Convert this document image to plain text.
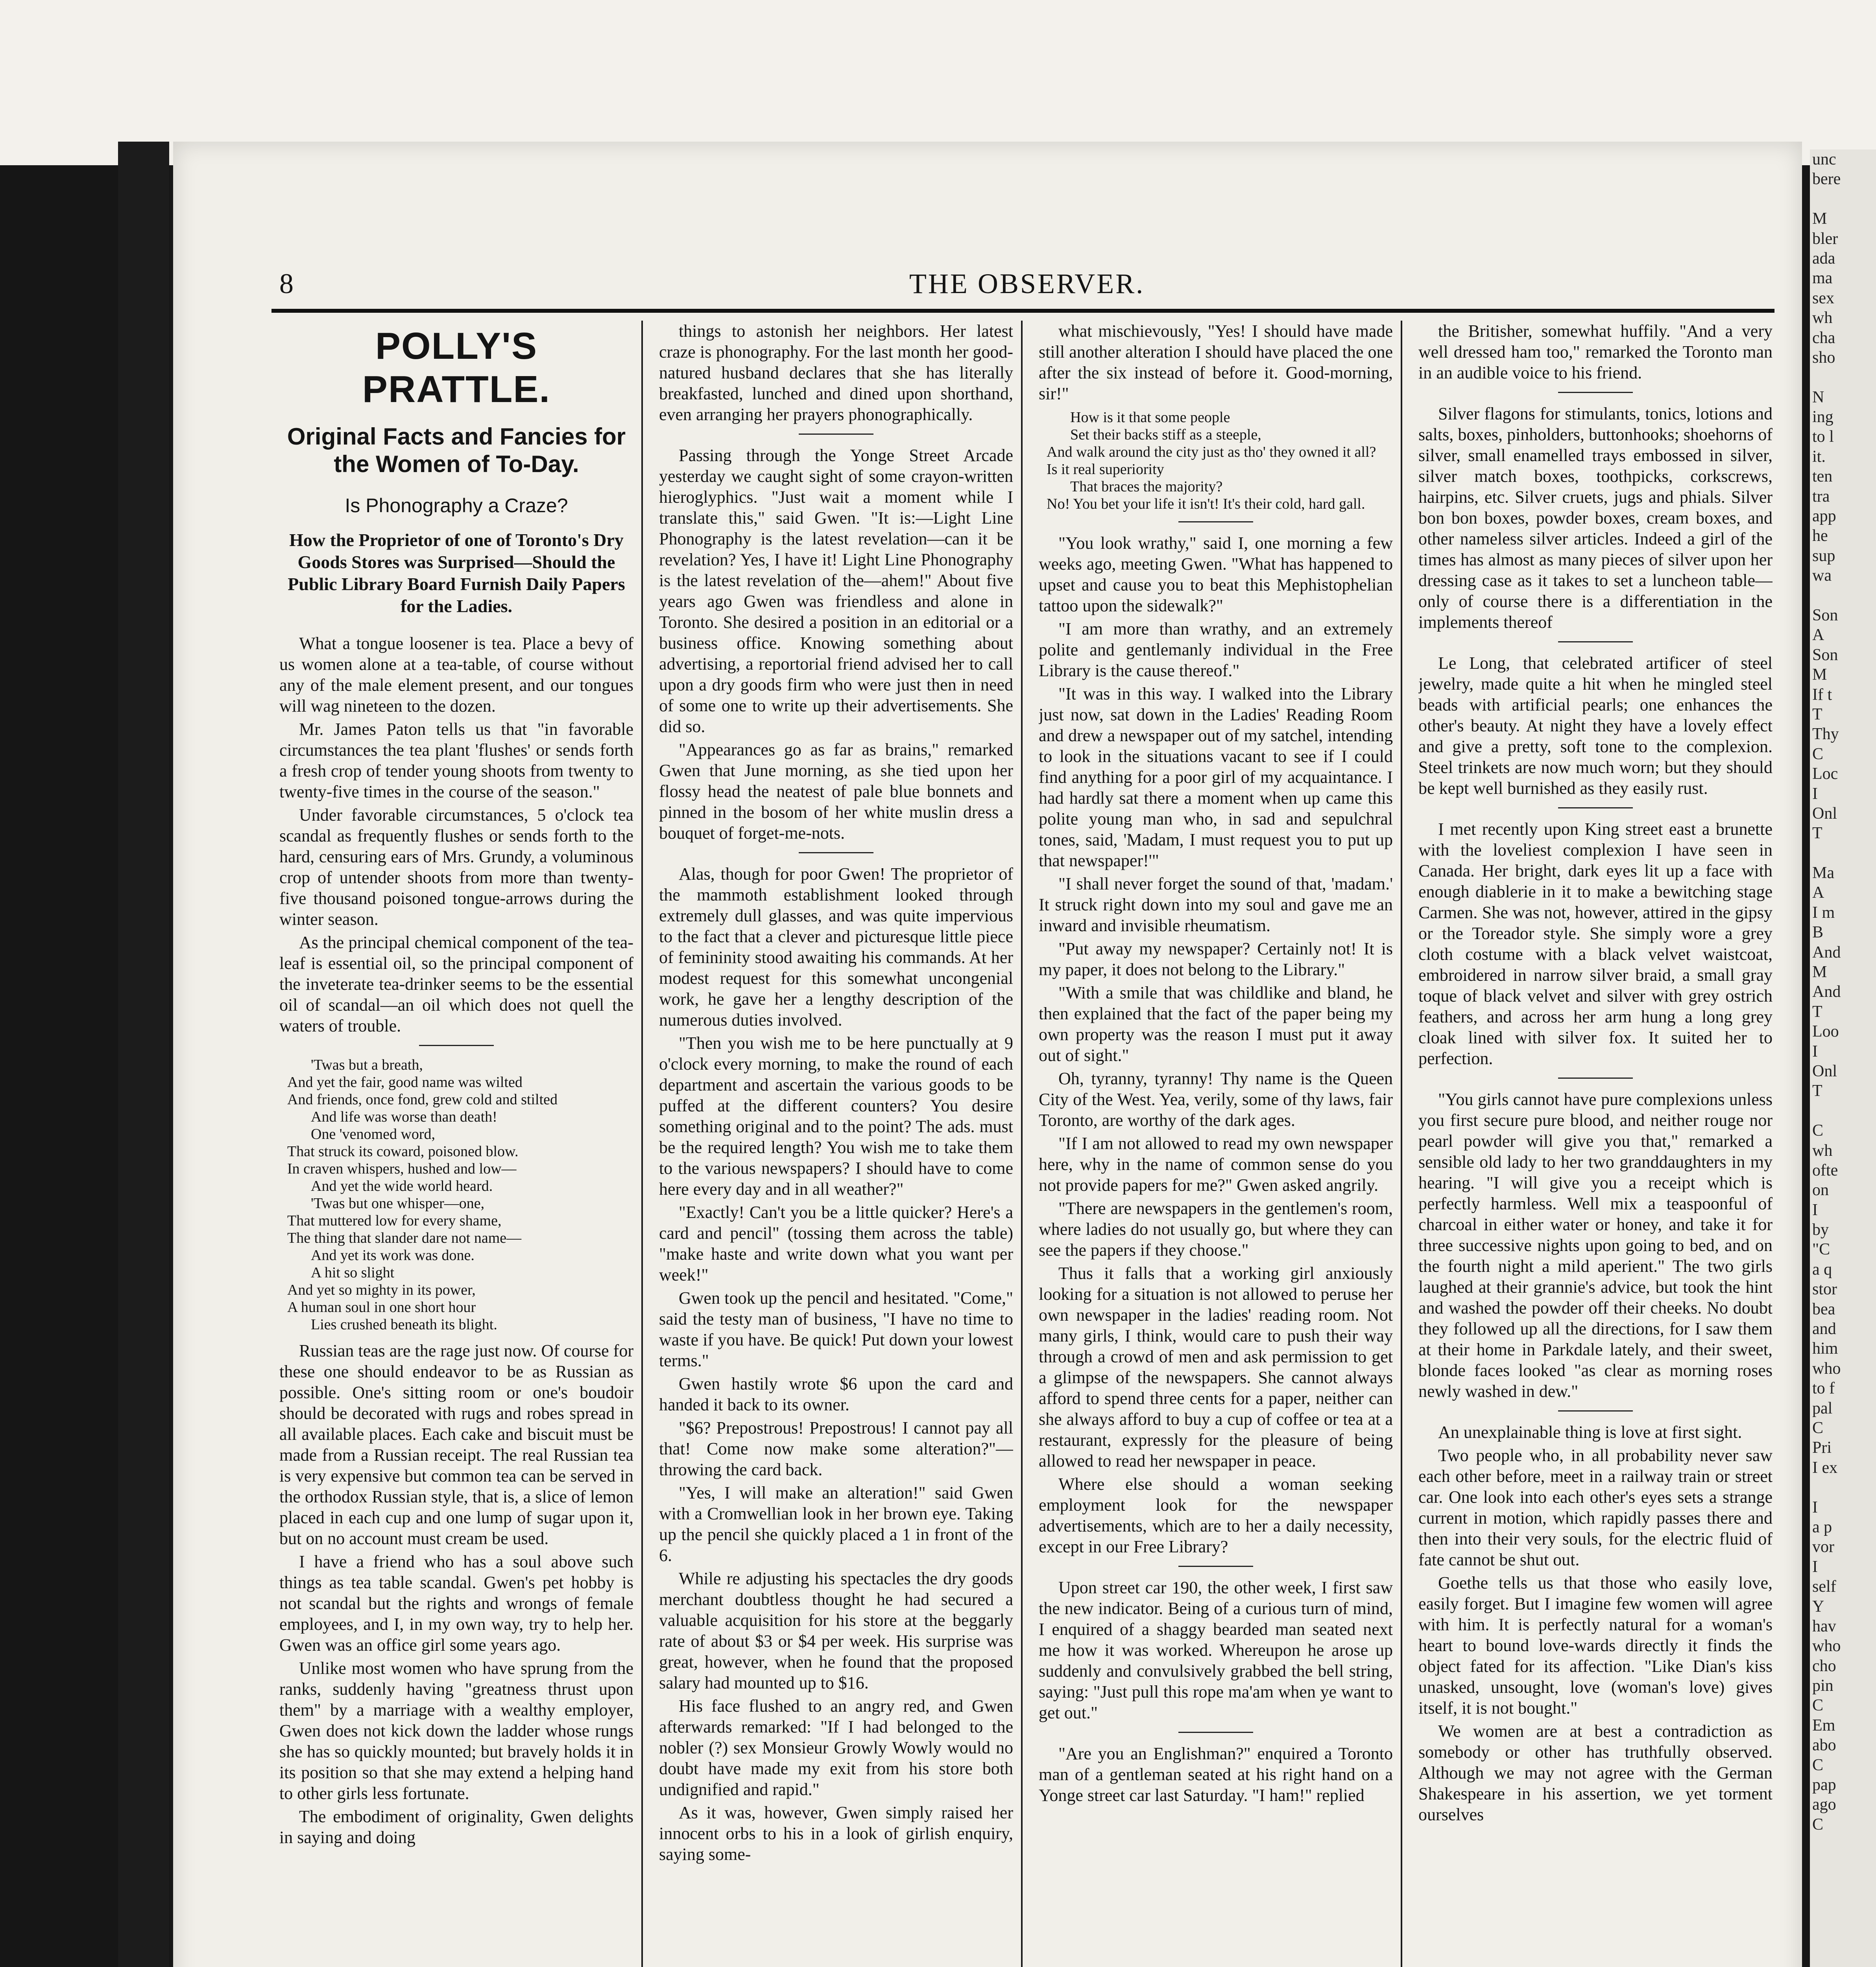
8	THE OBSERVER.
POLLY'S PRATTLE.
Original Facts and Fancies for the Women of To-Day.
Is Phonography a Craze?
How the Proprietor of one of Toronto's Dry Goods Stores was Surprised—Should the Public Library Board Furnish Daily Papers for the Ladies.

What a tongue loosener is tea. Place a bevy of us women alone at a tea-table, of course without any of the male element present, and our tongues will wag nineteen to the dozen.

Mr. James Paton tells us that "in favorable circumstances the tea plant 'flushes' or sends forth a fresh crop of tender young shoots from twenty to twenty-five times in the course of the season."

Under favorable circumstances, 5 o'clock tea scandal as frequently flushes or sends forth to the hard, censuring ears of Mrs. Grundy, a voluminous crop of untender shoots from more than twenty-five thousand poisoned tongue-arrows during the winter season.

As the principal chemical component of the tea-leaf is essential oil, so the principal component of the inveterate tea-drinker seems to be the essential oil of scandal—an oil which does not quell the waters of trouble.

'Twas but a breath,
And yet the fair, good name was wilted
And friends, once fond, grew cold and stilted
And life was worse than death!
One 'venomed word,
That struck its coward, poisoned blow.
In craven whispers, hushed and low—
And yet the wide world heard.
'Twas but one whisper—one,
That muttered low for every shame,
The thing that slander dare not name—
And yet its work was done.
A hit so slight
And yet so mighty in its power,
A human soul in one short hour
Lies crushed beneath its blight.

Russian teas are the rage just now. Of course for these one should endeavor to be as Russian as possible. One's sitting room or one's boudoir should be decorated with rugs and robes spread in all available places. Each cake and biscuit must be made from a Russian receipt. The real Russian tea is very expensive but common tea can be served in the orthodox Russian style, that is, a slice of lemon placed in each cup and one lump of sugar upon it, but on no account must cream be used.

I have a friend who has a soul above such things as tea table scandal. Gwen's pet hobby is not scandal but the rights and wrongs of female employees, and I, in my own way, try to help her. Gwen was an office girl some years ago.

Unlike most women who have sprung from the ranks, suddenly having "greatness thrust upon them" by a marriage with a wealthy employer, Gwen does not kick down the ladder whose rungs she has so quickly mounted; but bravely holds it in its position so that she may extend a helping hand to other girls less fortunate.

The embodiment of originality, Gwen delights in saying and doing

things to astonish her neighbors. Her latest craze is phonography. For the last month her good-natured husband declares that she has literally breakfasted, lunched and dined upon shorthand, even arranging her prayers phonographically.

Passing through the Yonge Street Arcade yesterday we caught sight of some crayon-written hieroglyphics. "Just wait a moment while I translate this," said Gwen. "It is:—Light Line Phonography is the latest revelation—can it be revelation? Yes, I have it! Light Line Phonography is the latest revelation of the—ahem!" About five years ago Gwen was friendless and alone in Toronto. She desired a position in an editorial or a business office. Knowing something about advertising, a reportorial friend advised her to call upon a dry goods firm who were just then in need of some one to write up their advertisements. She did so.

"Appearances go as far as brains," remarked Gwen that June morning, as she tied upon her flossy head the neatest of pale blue bonnets and pinned in the bosom of her white muslin dress a bouquet of forget-me-nots.

Alas, though for poor Gwen! The proprietor of the mammoth establishment looked through extremely dull glasses, and was quite impervious to the fact that a clever and picturesque little piece of femininity stood awaiting his commands. At her modest request for this somewhat uncongenial work, he gave her a lengthy description of the numerous duties involved.

"Then you wish me to be here punctually at 9 o'clock every morning, to make the round of each department and ascertain the various goods to be puffed at the different counters? You desire something original and to the point? The ads. must be the required length? You wish me to take them to the various newspapers? I should have to come here every day and in all weather?"

"Exactly! Can't you be a little quicker? Here's a card and pencil" (tossing them across the table) "make haste and write down what you want per week!"

Gwen took up the pencil and hesitated. "Come," said the testy man of business, "I have no time to waste if you have. Be quick! Put down your lowest terms."

Gwen hastily wrote $6 upon the card and handed it back to its owner.

"$6? Prepostrous! Prepostrous! I cannot pay all that! Come now make some alteration?"—throwing the card back.

"Yes, I will make an alteration!" said Gwen with a Cromwellian look in her brown eye. Taking up the pencil she quickly placed a 1 in front of the 6.

While re adjusting his spectacles the dry goods merchant doubtless thought he had secured a valuable acquisition for his store at the beggarly rate of about $3 or $4 per week. His surprise was great, however, when he found that the proposed salary had mounted up to $16.

His face flushed to an angry red, and Gwen afterwards remarked: "If I had belonged to the nobler (?) sex Monsieur Growly Wowly would no doubt have made my exit from his store both undignified and rapid."

As it was, however, Gwen simply raised her innocent orbs to his in a look of girlish enquiry, saying some-

what mischievously, "Yes! I should have made still another alteration I should have placed the one after the six instead of before it. Good-morning, sir!"

How is it that some people
Set their backs stiff as a steeple,
And walk around the city just as tho' they owned it all?
Is it real superiority
That braces the majority?
No! You bet your life it isn't! It's their cold, hard gall.

"You look wrathy," said I, one morning a few weeks ago, meeting Gwen. "What has happened to upset and cause you to beat this Mephistophelian tattoo upon the sidewalk?"

"I am more than wrathy, and an extremely polite and gentlemanly individual in the Free Library is the cause thereof."

"It was in this way. I walked into the Library just now, sat down in the Ladies' Reading Room and drew a newspaper out of my satchel, intending to look in the situations vacant to see if I could find anything for a poor girl of my acquaintance. I had hardly sat there a moment when up came this polite young man who, in sad and sepulchral tones, said, 'Madam, I must request you to put up that newspaper!'"

"I shall never forget the sound of that, 'madam.' It struck right down into my soul and gave me an inward and invisible rheumatism.

"Put away my newspaper? Certainly not! It is my paper, it does not belong to the Library."

"With a smile that was childlike and bland, he then explained that the fact of the paper being my own property was the reason I must put it away out of sight."

Oh, tyranny, tyranny! Thy name is the Queen City of the West. Yea, verily, some of thy laws, fair Toronto, are worthy of the dark ages.

"If I am not allowed to read my own newspaper here, why in the name of common sense do you not provide papers for me?" Gwen asked angrily.

"There are newspapers in the gentlemen's room, where ladies do not usually go, but where they can see the papers if they choose."

Thus it falls that a working girl anxiously looking for a situation is not allowed to peruse her own newspaper in the ladies' reading room. Not many girls, I think, would care to push their way through a crowd of men and ask permission to get a glimpse of the newspapers. She cannot always afford to spend three cents for a paper, neither can she always afford to buy a cup of coffee or tea at a restaurant, expressly for the pleasure of being allowed to read her newspaper in peace.

Where else should a woman seeking employment look for the newspaper advertisements, which are to her a daily necessity, except in our Free Library?

Upon street car 190, the other week, I first saw the new indicator. Being of a curious turn of mind, I enquired of a shaggy bearded man seated next me how it was worked. Whereupon he arose up suddenly and convulsively grabbed the bell string, saying: "Just pull this rope ma'am when ye want to get out."

"Are you an Englishman?" enquired a Toronto man of a gentleman seated at his right hand on a Yonge street car last Saturday. "I ham!" replied

the Britisher, somewhat huffily. "And a very well dressed ham too," remarked the Toronto man in an audible voice to his friend.

Silver flagons for stimulants, tonics, lotions and salts, boxes, pinholders, buttonhooks; shoehorns of silver, small enamelled trays embossed in silver, silver match boxes, toothpicks, corkscrews, hairpins, etc. Silver cruets, jugs and phials. Silver bon bon boxes, powder boxes, cream boxes, and other nameless silver articles. Indeed a girl of the times has almost as many pieces of silver upon her dressing case as it takes to set a luncheon table—only of course there is a differentiation in the implements thereof

Le Long, that celebrated artificer of steel jewelry, made quite a hit when he mingled steel beads with artificial pearls; one enhances the other's beauty. At night they have a lovely effect and give a pretty, soft tone to the complexion. Steel trinkets are now much worn; but they should be kept well burnished as they easily rust.

I met recently upon King street east a brunette with the loveliest complexion I have seen in Canada. Her bright, dark eyes lit up a face with enough diablerie in it to make a bewitching stage Carmen. She was not, however, attired in the gipsy or the Toreador style. She simply wore a grey cloth costume with a black velvet waistcoat, embroidered in narrow silver braid, a small gray toque of black velvet and silver with grey ostrich feathers, and across her arm hung a long grey cloak lined with silver fox. It suited her to perfection.

"You girls cannot have pure complexions unless you first secure pure blood, and neither rouge nor pearl powder will give you that," remarked a sensible old lady to her two granddaughters in my hearing. "I will give you a receipt which is perfectly harmless. Well mix a teaspoonful of charcoal in either water or honey, and take it for three successive nights upon going to bed, and on the fourth night a mild aperient." The two girls laughed at their grannie's advice, but took the hint and washed the powder off their cheeks. No doubt they followed up all the directions, for I saw them at their home in Parkdale lately, and their sweet, blonde faces looked "as clear as morning roses newly washed in dew."

An unexplainable thing is love at first sight.

Two people who, in all probability never saw each other before, meet in a railway train or street car. One look into each other's eyes sets a strange current in motion, which rapidly passes there and then into their very souls, for the electric fluid of fate cannot be shut out.

Goethe tells us that those who easily love, easily forget. But I imagine few women will agree with him. It is perfectly natural for a woman's heart to bound love-wards directly it finds the object fated for its affection. "Like Dian's kiss unasked, unsought, love (woman's love) gives itself, it is not bought."

We women are at best a contradiction as somebody or other has truthfully observed. Although we may not agree with the German Shakespeare in his assertion, we yet torment ourselves

unc
bere

M
bler
ada
ma
sex
wh
cha
sho

N
ing
to l
it.
ten
tra
app
he
sup
wa

Son
A
Son
M
If t
T
Thy
C
Loc
I
Onl
T

Ma
A
I m
B
And
M
And
T
Loo
I
Onl
T

C
wh
ofte
on
I
by
"C
a q
stor
bea
and
him
who
to f
pal
C
Pri
I ex

I
a p
vor
I
self
Y
hav
who
cho
pin
C
Em
abo
C
pap
ago
C
